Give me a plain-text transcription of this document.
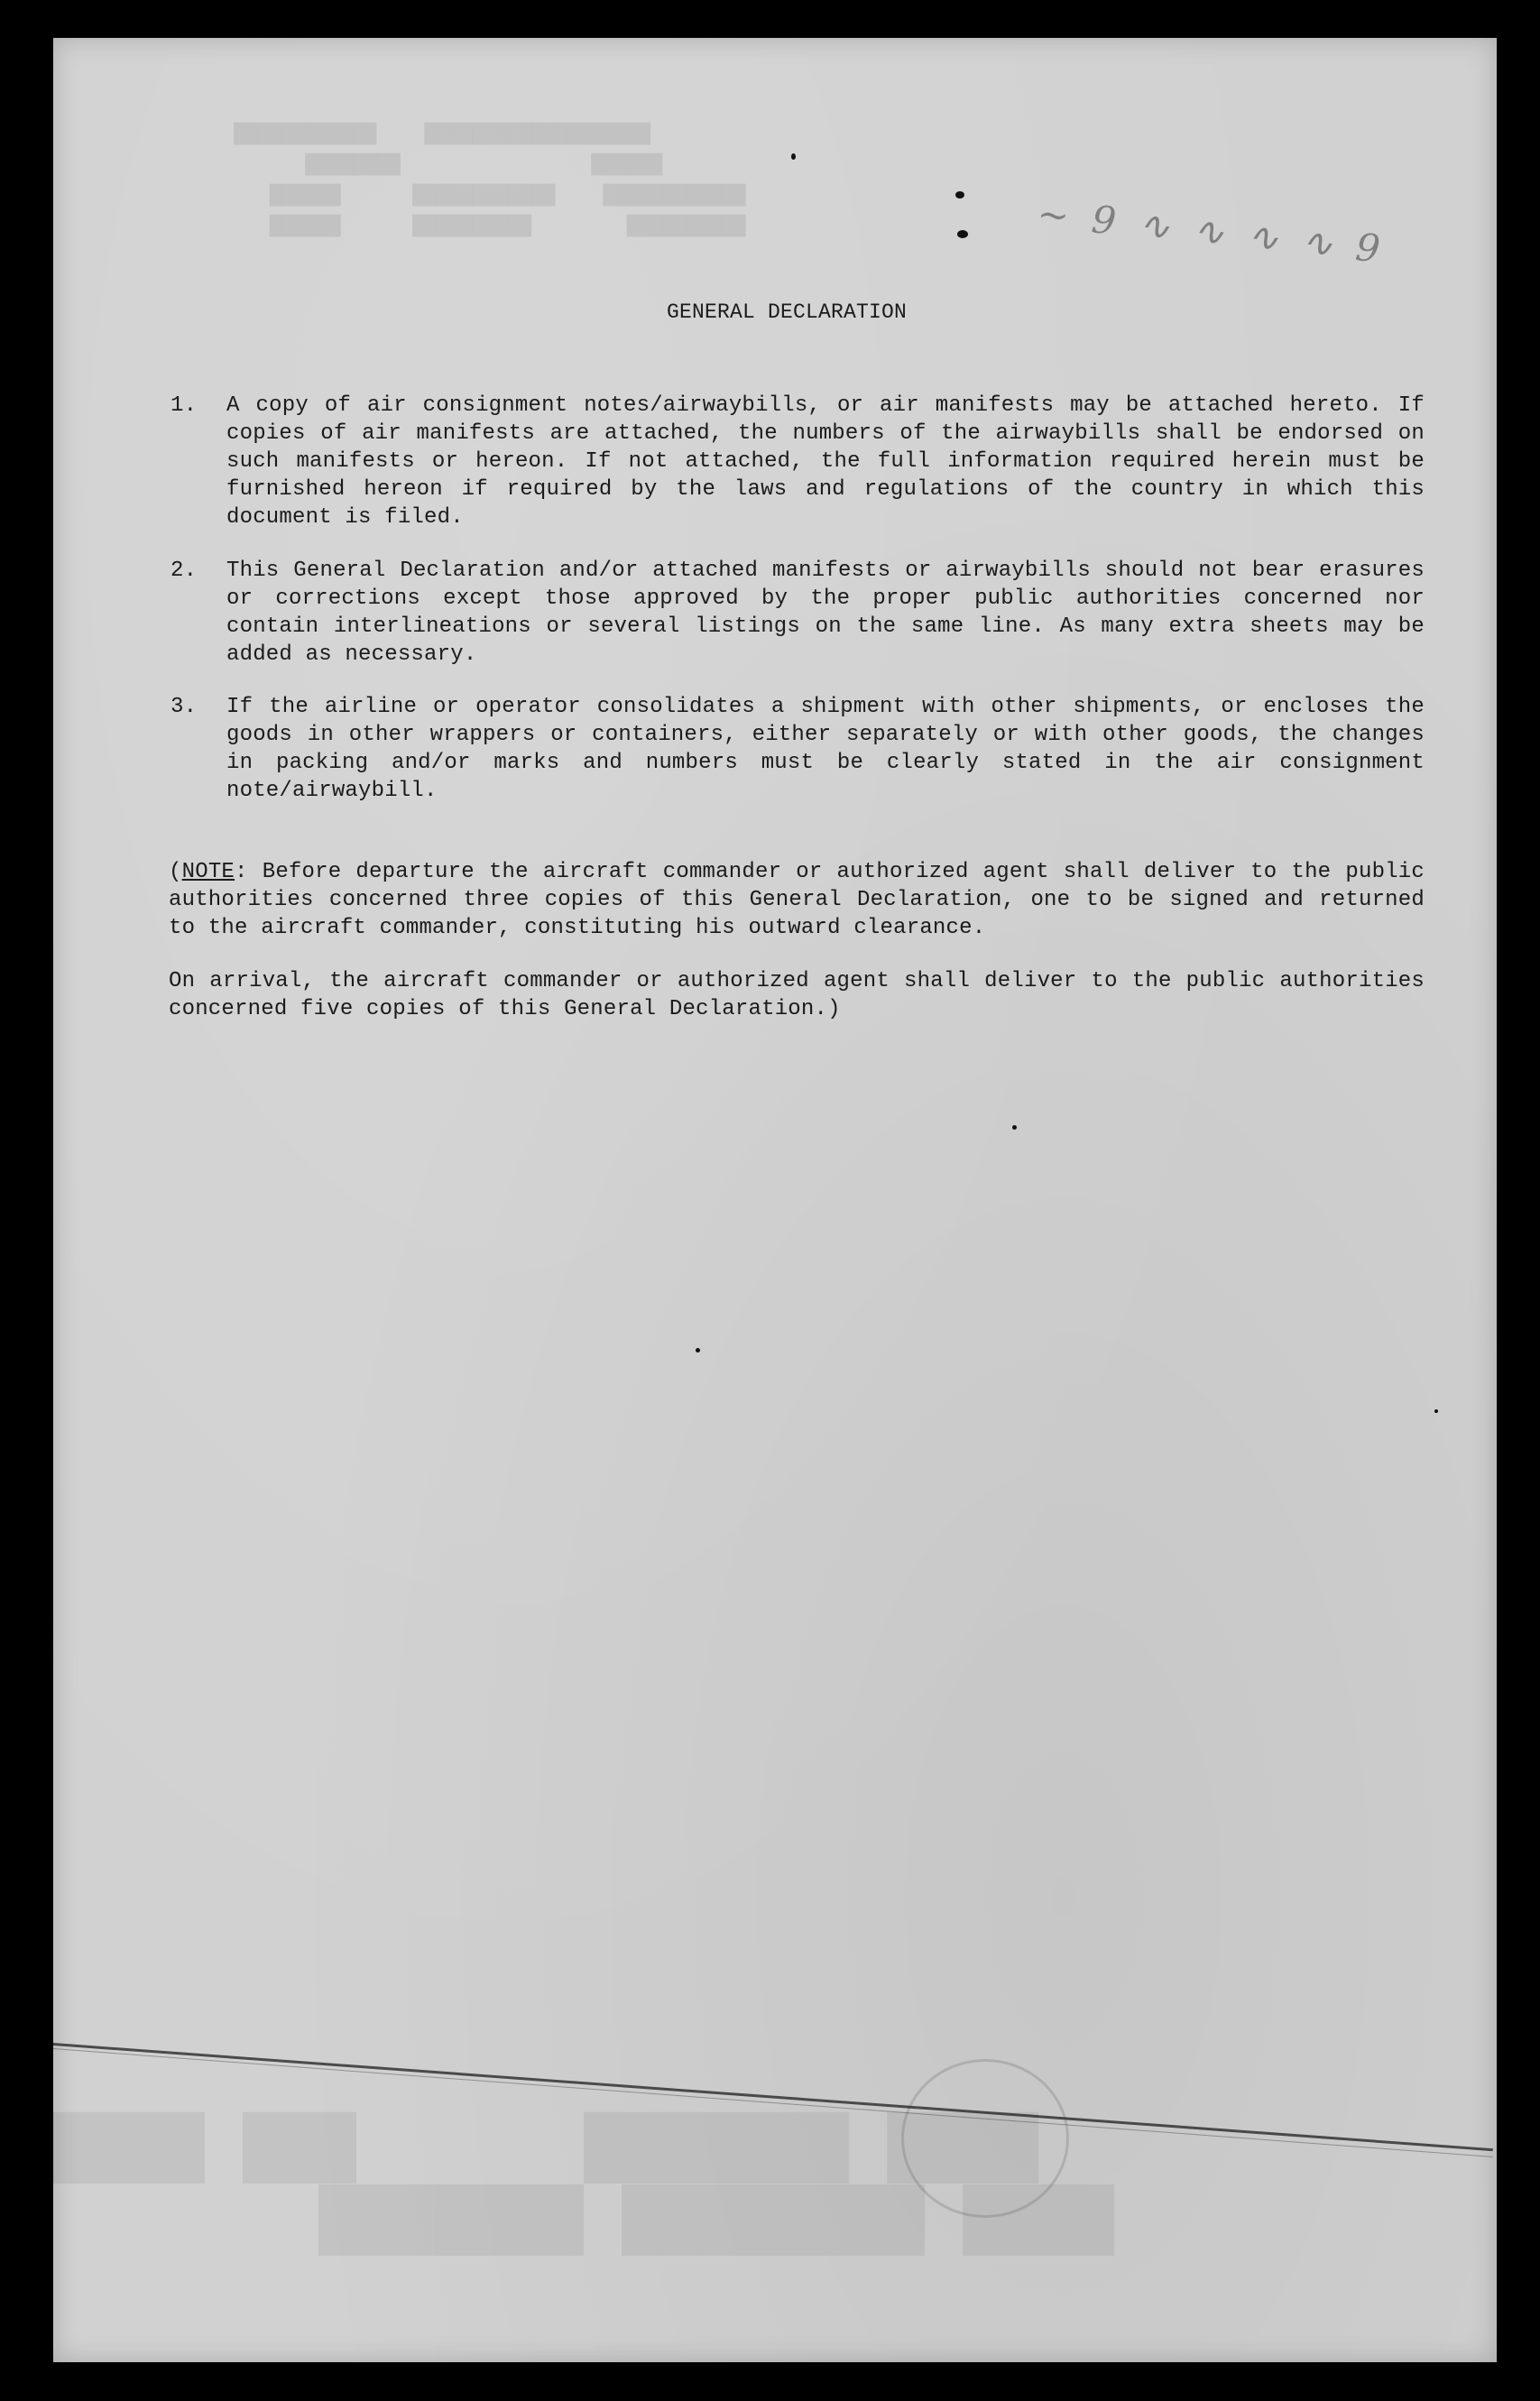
████████████    ███████████████████
████████                ██████
██████      ████████████    ████████████
██████      ██████████        ██████████
████ ███      ███████ ████
███████ ████████ ████
~ 9 ∿ ∿ ∿ ∿ 9
GENERAL DECLARATION
1. A copy of air consignment notes/airwaybills, or air manifests may be attached hereto. If copies of air manifests are attached, the numbers of the airwaybills shall be endorsed on such manifests or hereon. If not attached, the full information required herein must be furnished hereon if required by the laws and regulations of the country in which this document is filed.
2. This General Declaration and/or attached manifests or airwaybills should not bear erasures or corrections except those approved by the proper public authorities concerned nor contain interlineations or several listings on the same line. As many extra sheets may be added as necessary.
3. If the airline or operator consolidates a shipment with other shipments, or encloses the goods in other wrappers or containers, either separately or with other goods, the changes in packing and/or marks and numbers must be clearly stated in the air consignment note/airwaybill.
(NOTE: Before departure the aircraft commander or authorized agent shall deliver to the public authorities concerned three copies of this General Declaration, one to be signed and returned to the aircraft commander, constituting his outward clearance.
On arrival, the aircraft commander or authorized agent shall deliver to the public authorities concerned five copies of this General Declaration.)
